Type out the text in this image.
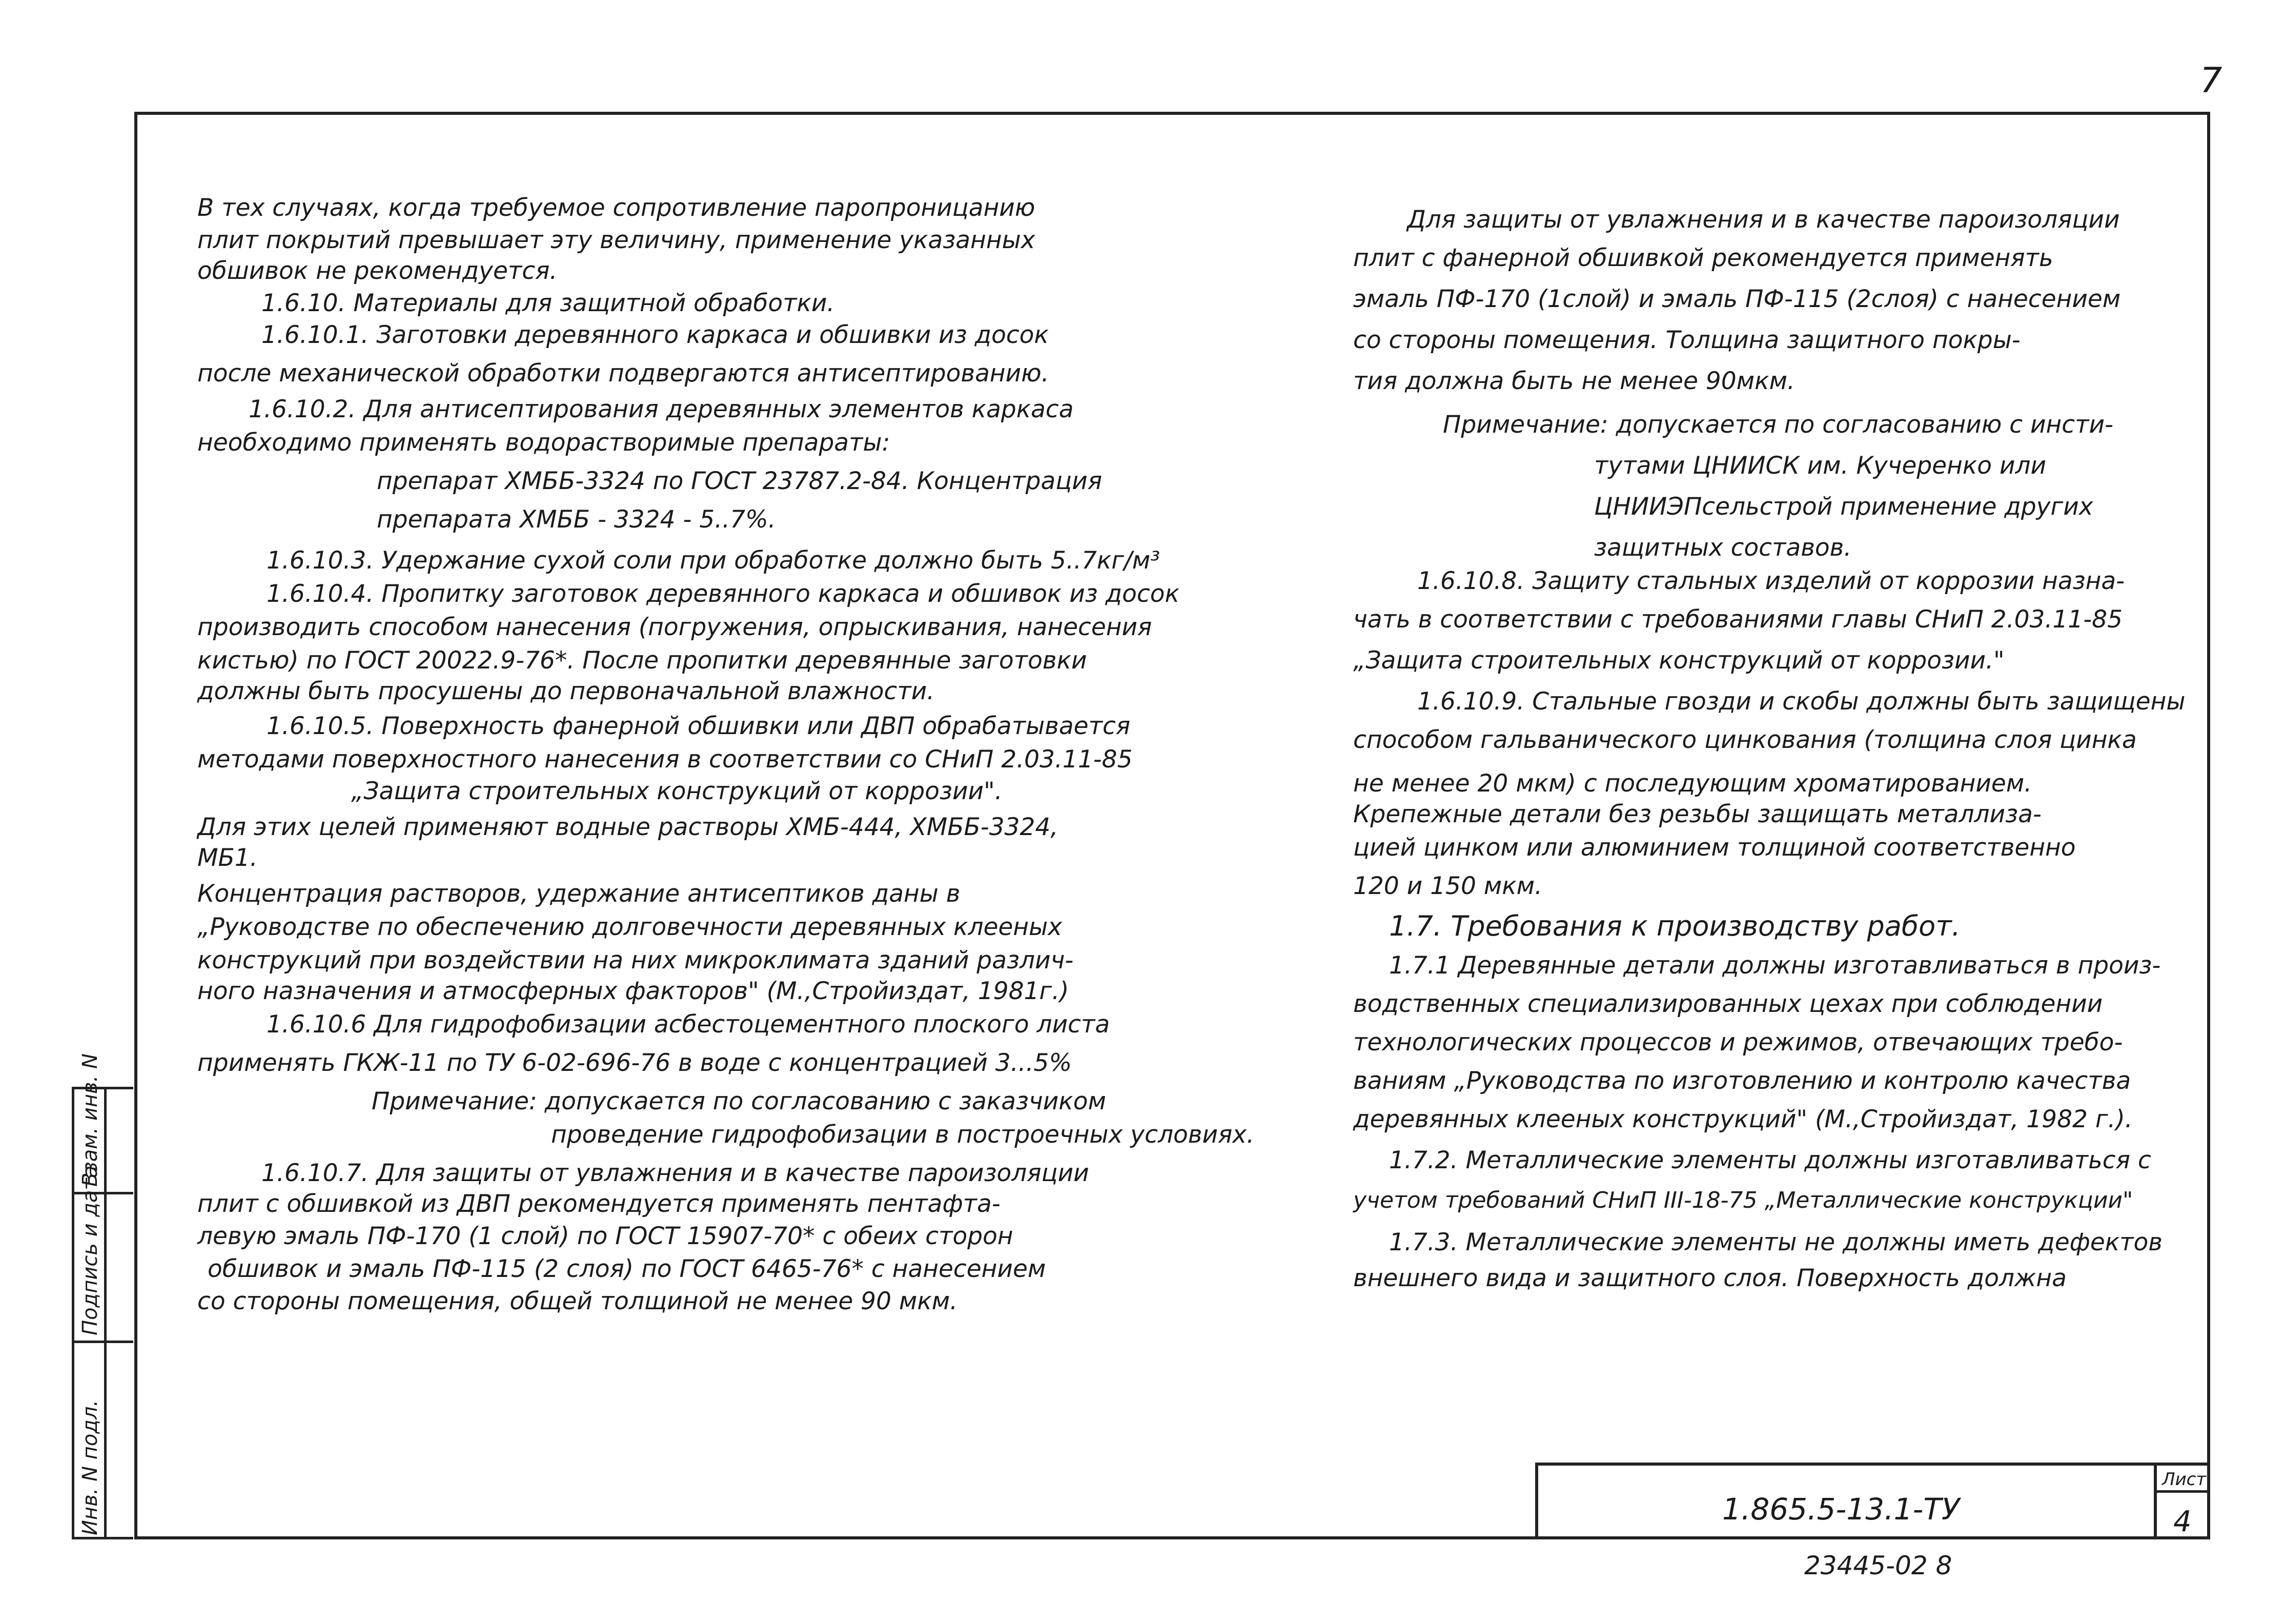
7
В тех случаях, когда требуемое сопротивление паропроницанию
плит покрытий превышает эту величину, применение указанных
обшивок не рекомендуется.
1.6.10. Материалы для защитной обработки.
1.6.10.1. Заготовки деревянного каркаса и обшивки из досок
после механической обработки подвергаются антисептированию.
1.6.10.2. Для антисептирования деревянных элементов каркаса
необходимо применять водорастворимые препараты:
препарат ХМББ-3324 по ГОСТ 23787.2-84. Концентрация
препарата ХМББ - 3324 - 5..7%.
1.6.10.3. Удержание сухой соли при обработке должно быть 5..7кг/м³
1.6.10.4. Пропитку заготовок деревянного каркаса и обшивок из досок
производить способом нанесения (погружения, опрыскивания, нанесения
кистью) по ГОСТ 20022.9-76*. После пропитки деревянные заготовки
должны быть просушены до первоначальной влажности.
1.6.10.5. Поверхность фанерной обшивки или ДВП обрабатывается
методами поверхностного нанесения в соответствии со СНиП 2.03.11-85
„Защита строительных конструкций от коррозии".
Для этих целей применяют водные растворы ХМБ-444, ХМББ-3324,
МБ1.
Концентрация растворов, удержание антисептиков даны в
„Руководстве по обеспечению долговечности деревянных клееных
конструкций при воздействии на них микроклимата зданий различ-
ного назначения и атмосферных факторов" (М.,Стройиздат, 1981г.)
1.6.10.6 Для гидрофобизации асбестоцементного плоского листа
применять ГКЖ-11 по ТУ 6-02-696-76 в воде с концентрацией 3...5%
Примечание: допускается по согласованию с заказчиком
проведение гидрофобизации в построечных условиях.
1.6.10.7. Для защиты от увлажнения и в качестве пароизоляции
плит с обшивкой из ДВП рекомендуется применять пентафта-
левую эмаль ПФ-170 (1 слой) по ГОСТ 15907-70* с обеих сторон
обшивок и эмаль ПФ-115 (2 слоя) по ГОСТ 6465-76* с нанесением
со стороны помещения, общей толщиной не менее 90 мкм.
Для защиты от увлажнения и в качестве пароизоляции
плит с фанерной обшивкой рекомендуется применять
эмаль ПФ-170 (1слой) и эмаль ПФ-115 (2слоя) с нанесением
со стороны помещения. Толщина защитного покры-
тия должна быть не менее 90мкм.
Примечание: допускается по согласованию с инсти-
тутами ЦНИИСК им. Кучеренко или
ЦНИИЭПсельстрой применение других
защитных составов.
1.6.10.8. Защиту стальных изделий от коррозии назна-
чать в соответствии с требованиями главы СНиП 2.03.11-85
„Защита строительных конструкций от коррозии."
1.6.10.9. Стальные гвозди и скобы должны быть защищены
способом гальванического цинкования (толщина слоя цинка
не менее 20 мкм) с последующим хроматированием.
Крепежные детали без резьбы защищать металлиза-
цией цинком или алюминием толщиной соответственно
120 и 150 мкм.
1.7. Требования к производству работ.
1.7.1 Деревянные детали должны изготавливаться в произ-
водственных специализированных цехах при соблюдении
технологических процессов и режимов, отвечающих требо-
ваниям „Руководства по изготовлению и контролю качества
деревянных клееных конструкций" (М.,Стройиздат, 1982 г.).
1.7.2. Металлические элементы должны изготавливаться с
учетом требований СНиП III-18-75 „Металлические конструкции"
1.7.3. Металлические элементы не должны иметь дефектов
внешнего вида и защитного слоя. Поверхность должна
Инв. N подл.
Подпись и дата
Взам. инв. N
1.865.5-13.1-ТУ
Лист
4
23445-02 8
